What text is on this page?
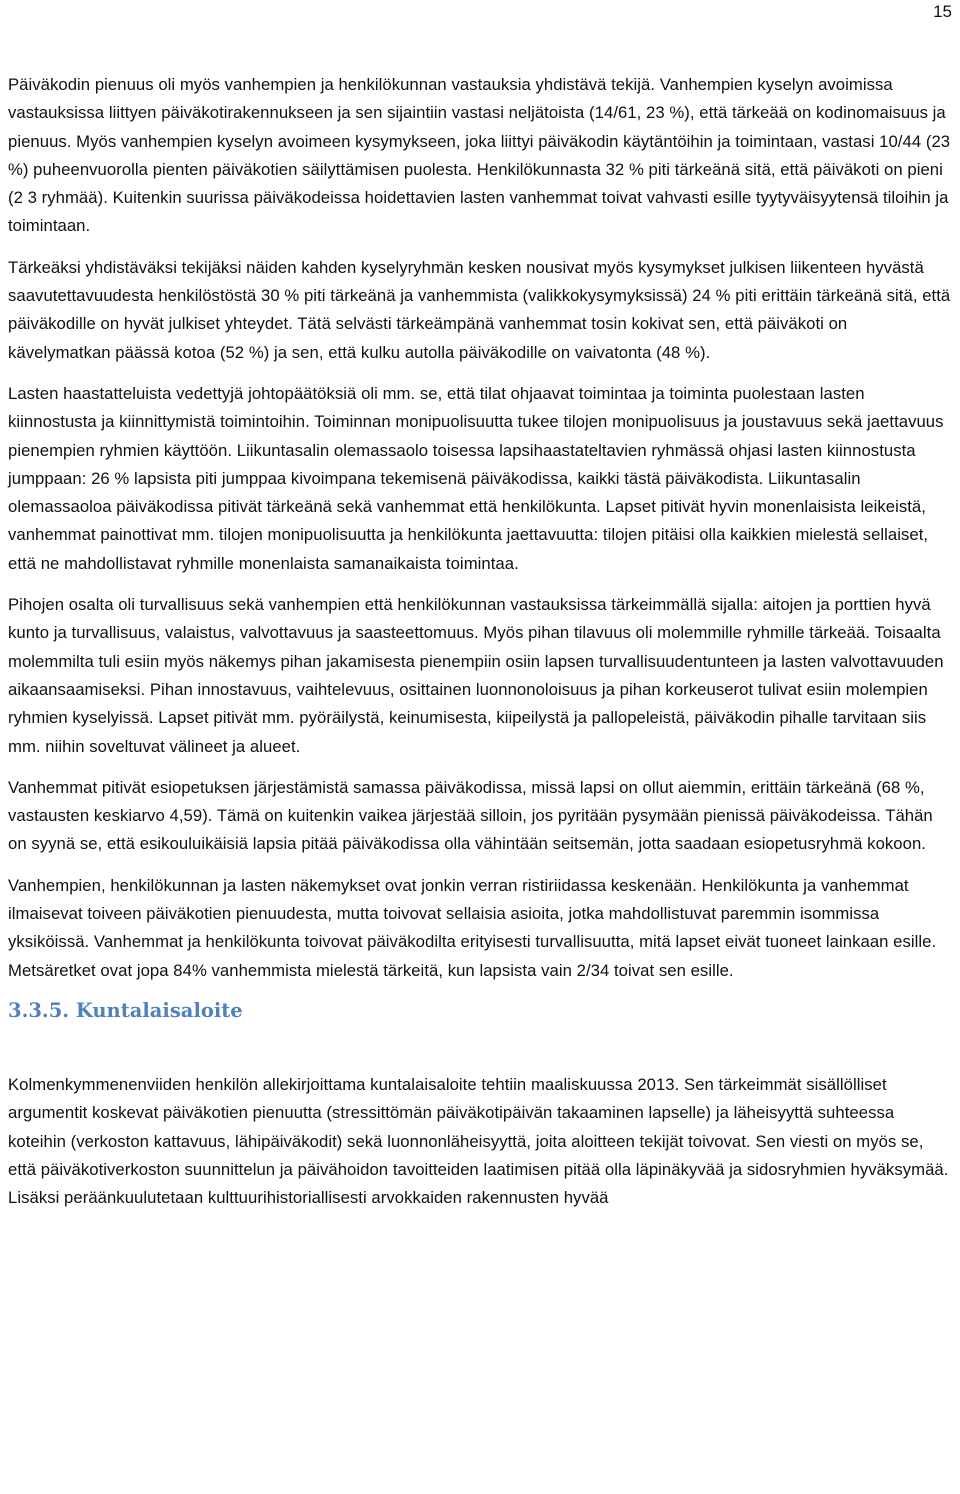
15

Päiväkodin pienuus oli myös vanhempien ja henkilökunnan vastauksia yhdistävä tekijä. Vanhempien kyselyn avoimissa vastauksissa liittyen päiväkotirakennukseen ja sen sijaintiin vastasi neljätoista (14/61, 23 %), että tärkeää on kodinomaisuus ja pienuus. Myös vanhempien kyselyn avoimeen kysymykseen, joka liittyi päiväkodin käytäntöihin ja toimintaan, vastasi 10/44 (23 %) puheenvuorolla pienten päiväkotien säilyttämisen puolesta. Henkilökunnasta 32 % piti tärkeänä sitä, että päiväkoti on pieni (2 3 ryhmää). Kuitenkin suurissa päiväkodeissa hoidettavien lasten vanhemmat toivat vahvasti esille tyytyväisyytensä tiloihin ja toimintaan.

Tärkeäksi yhdistäväksi tekijäksi näiden kahden kyselyryhmän kesken nousivat myös kysymykset julkisen liikenteen hyvästä saavutettavuudesta henkilöstöstä 30 % piti tärkeänä ja vanhemmista (valikkokysymyksissä) 24 % piti erittäin tärkeänä sitä, että päiväkodille on hyvät julkiset yhteydet. Tätä selvästi tärkeämpänä vanhemmat tosin kokivat sen, että päiväkoti on kävelymatkan päässä kotoa (52 %) ja sen, että kulku autolla päiväkodille on vaivatonta (48 %).

Lasten haastatteluista vedettyjä johtopäätöksiä oli mm. se, että tilat ohjaavat toimintaa ja toiminta puolestaan lasten kiinnostusta ja kiinnittymistä toimintoihin. Toiminnan monipuolisuutta tukee tilojen monipuolisuus ja joustavuus sekä jaettavuus pienempien ryhmien käyttöön. Liikuntasalin olemassaolo toisessa lapsihaastateltavien ryhmässä ohjasi lasten kiinnostusta jumppaan: 26 % lapsista piti jumppaa kivoimpana tekemisenä päiväkodissa, kaikki tästä päiväkodista. Liikuntasalin olemassaoloa päiväkodissa pitivät tärkeänä sekä vanhemmat että henkilökunta. Lapset pitivät hyvin monenlaisista leikeistä, vanhemmat painottivat mm. tilojen monipuolisuutta ja henkilökunta jaettavuutta: tilojen pitäisi olla kaikkien mielestä sellaiset, että ne mahdollistavat ryhmille monenlaista samanaikaista toimintaa.

Pihojen osalta oli turvallisuus sekä vanhempien että henkilökunnan vastauksissa tärkeimmällä sijalla: aitojen ja porttien hyvä kunto ja turvallisuus, valaistus, valvottavuus ja saasteettomuus. Myös pihan tilavuus oli molemmille ryhmille tärkeää. Toisaalta molemmilta tuli esiin myös näkemys pihan jakamisesta pienempiin osiin lapsen turvallisuudentunteen ja lasten valvottavuuden aikaansaamiseksi. Pihan innostavuus, vaihtelevuus, osittainen luonnonoloisuus ja pihan korkeuserot tulivat esiin molempien ryhmien kyselyissä. Lapset pitivät mm. pyöräilystä, keinumisesta, kiipeilystä ja pallopeleistä, päiväkodin pihalle tarvitaan siis mm. niihin soveltuvat välineet ja alueet.

Vanhemmat pitivät esiopetuksen järjestämistä samassa päiväkodissa, missä lapsi on ollut aiemmin, erittäin tärkeänä (68 %, vastausten keskiarvo 4,59). Tämä on kuitenkin vaikea järjestää silloin, jos pyritään pysymään pienissä päiväkodeissa. Tähän on syynä se, että esikouluikäisiä lapsia pitää päiväkodissa olla vähintään seitsemän, jotta saadaan esiopetusryhmä kokoon.

Vanhempien, henkilökunnan ja lasten näkemykset ovat jonkin verran ristiriidassa keskenään. Henkilökunta ja vanhemmat ilmaisevat toiveen päiväkotien pienuudesta, mutta toivovat sellaisia asioita, jotka mahdollistuvat paremmin isommissa yksiköissä. Vanhemmat ja henkilökunta toivovat päiväkodilta erityisesti turvallisuutta, mitä lapset eivät tuoneet lainkaan esille. Metsäretket ovat jopa 84% vanhemmista mielestä tärkeitä, kun lapsista vain 2/34 toivat sen esille.

3.3.5. Kuntalaisaloite

Kolmenkymmenenviiden henkilön allekirjoittama kuntalaisaloite tehtiin maaliskuussa 2013. Sen tärkeimmät sisällölliset argumentit koskevat päiväkotien pienuutta (stressittömän päiväkotipäivän takaaminen lapselle) ja läheisyyttä suhteessa koteihin (verkoston kattavuus, lähipäiväkodit) sekä luonnonläheisyyttä, joita aloitteen tekijät toivovat. Sen viesti on myös se, että päiväkotiverkoston suunnittelun ja päivähoidon tavoitteiden laatimisen pitää olla läpinäkyvää ja sidosryhmien hyväksymää. Lisäksi peräänkuulutetaan kulttuurihistoriallisesti arvokkaiden rakennusten hyvää
